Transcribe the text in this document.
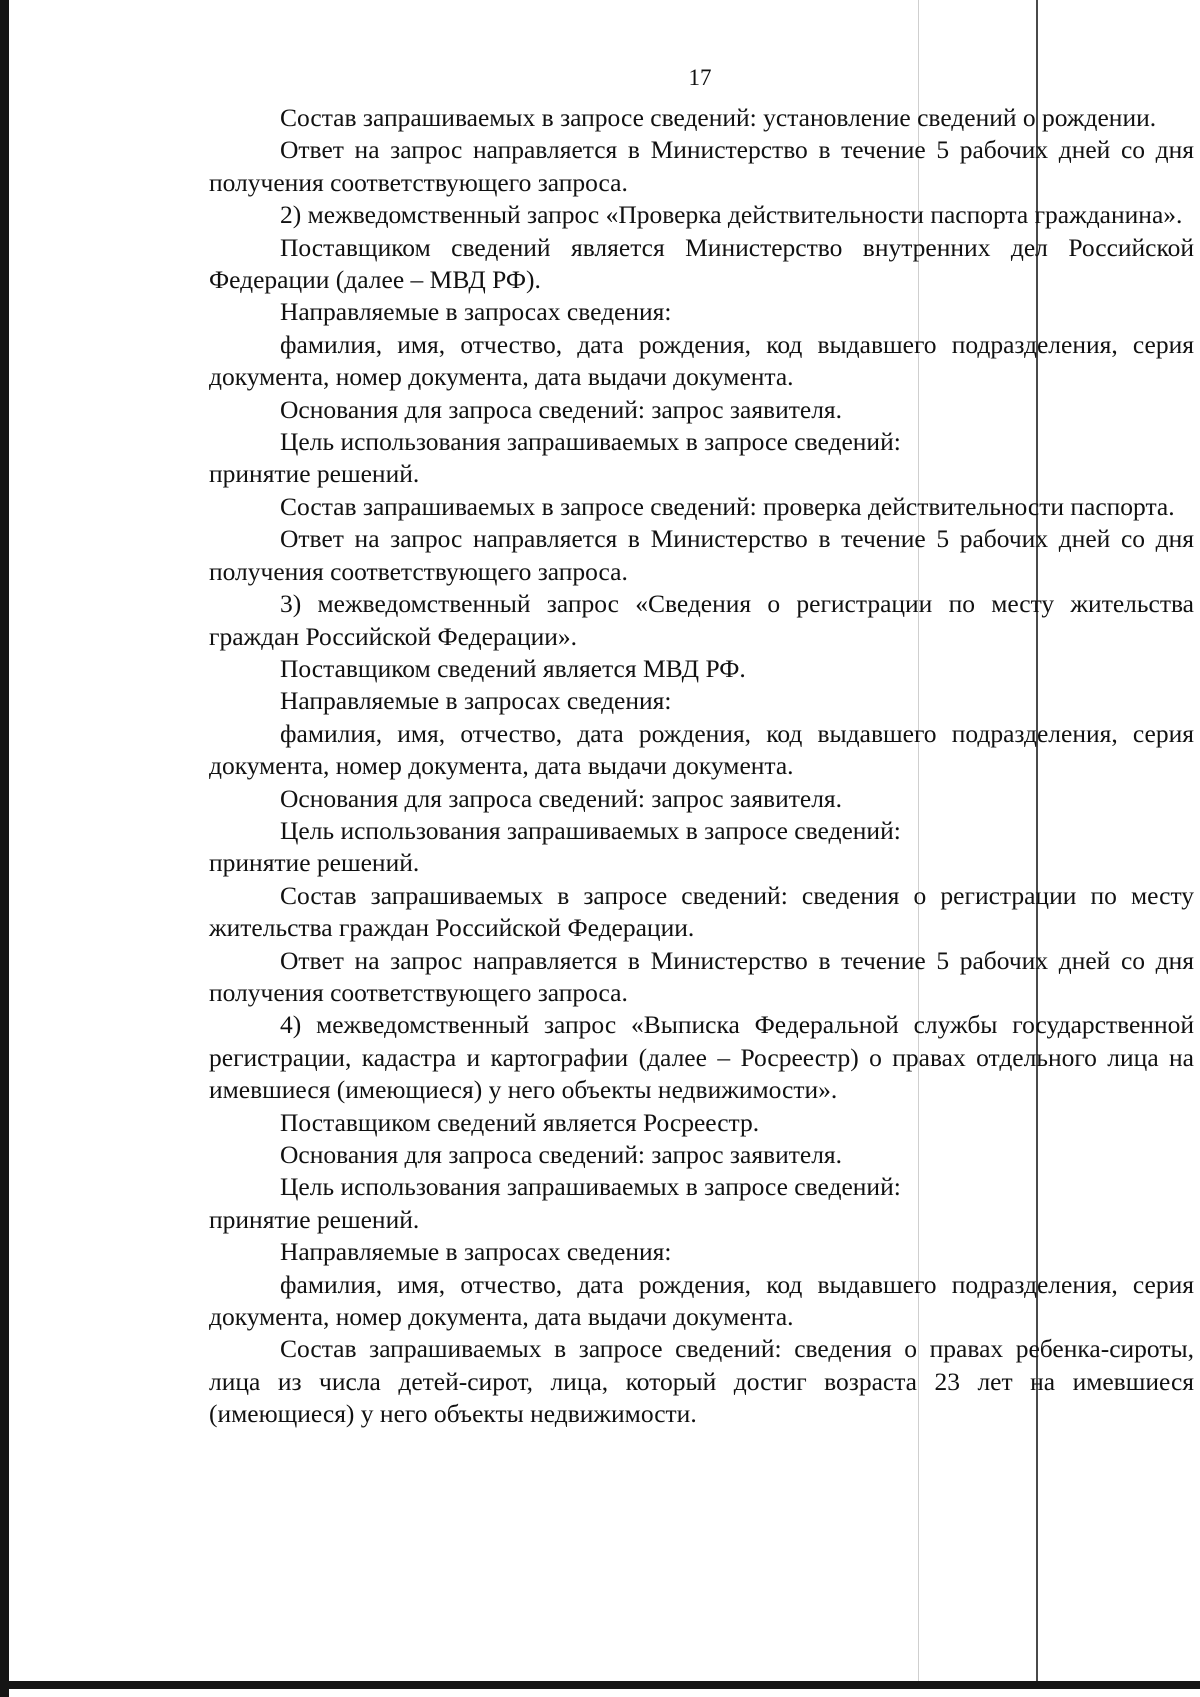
17

Состав запрашиваемых в запросе сведений: установление сведений о рождении.

Ответ на запрос направляется в Министерство в течение 5 рабочих дней со дня получения соответствующего запроса.

2) межведомственный запрос «Проверка действительности паспорта гражданина».

Поставщиком сведений является Министерство внутренних дел Российской Федерации (далее – МВД РФ).

Направляемые в запросах сведения:

фамилия, имя, отчество, дата рождения, код выдавшего подразделения, серия документа, номер документа, дата выдачи документа.

Основания для запроса сведений: запрос заявителя.

Цель использования запрашиваемых в запросе сведений:

принятие решений.

Состав запрашиваемых в запросе сведений: проверка действительности паспорта.

Ответ на запрос направляется в Министерство в течение 5 рабочих дней со дня получения соответствующего запроса.

3) межведомственный запрос «Сведения о регистрации по месту жительства граждан Российской Федерации».

Поставщиком сведений является МВД РФ.

Направляемые в запросах сведения:

фамилия, имя, отчество, дата рождения, код выдавшего подразделения, серия документа, номер документа, дата выдачи документа.

Основания для запроса сведений: запрос заявителя.

Цель использования запрашиваемых в запросе сведений:

принятие решений.

Состав запрашиваемых в запросе сведений: сведения о регистрации по месту жительства граждан Российской Федерации.

Ответ на запрос направляется в Министерство в течение 5 рабочих дней со дня получения соответствующего запроса.

4) межведомственный запрос «Выписка Федеральной службы государственной регистрации, кадастра и картографии (далее – Росреестр) о правах отдельного лица на имевшиеся (имеющиеся) у него объекты недвижимости».

Поставщиком сведений является Росреестр.

Основания для запроса сведений: запрос заявителя.

Цель использования запрашиваемых в запросе сведений:

принятие решений.

Направляемые в запросах сведения:

фамилия, имя, отчество, дата рождения, код выдавшего подразделения, серия документа, номер документа, дата выдачи документа.

Состав запрашиваемых в запросе сведений: сведения о правах ребенка-сироты, лица из числа детей-сирот, лица, который достиг возраста 23 лет на имевшиеся (имеющиеся) у него объекты недвижимости.
